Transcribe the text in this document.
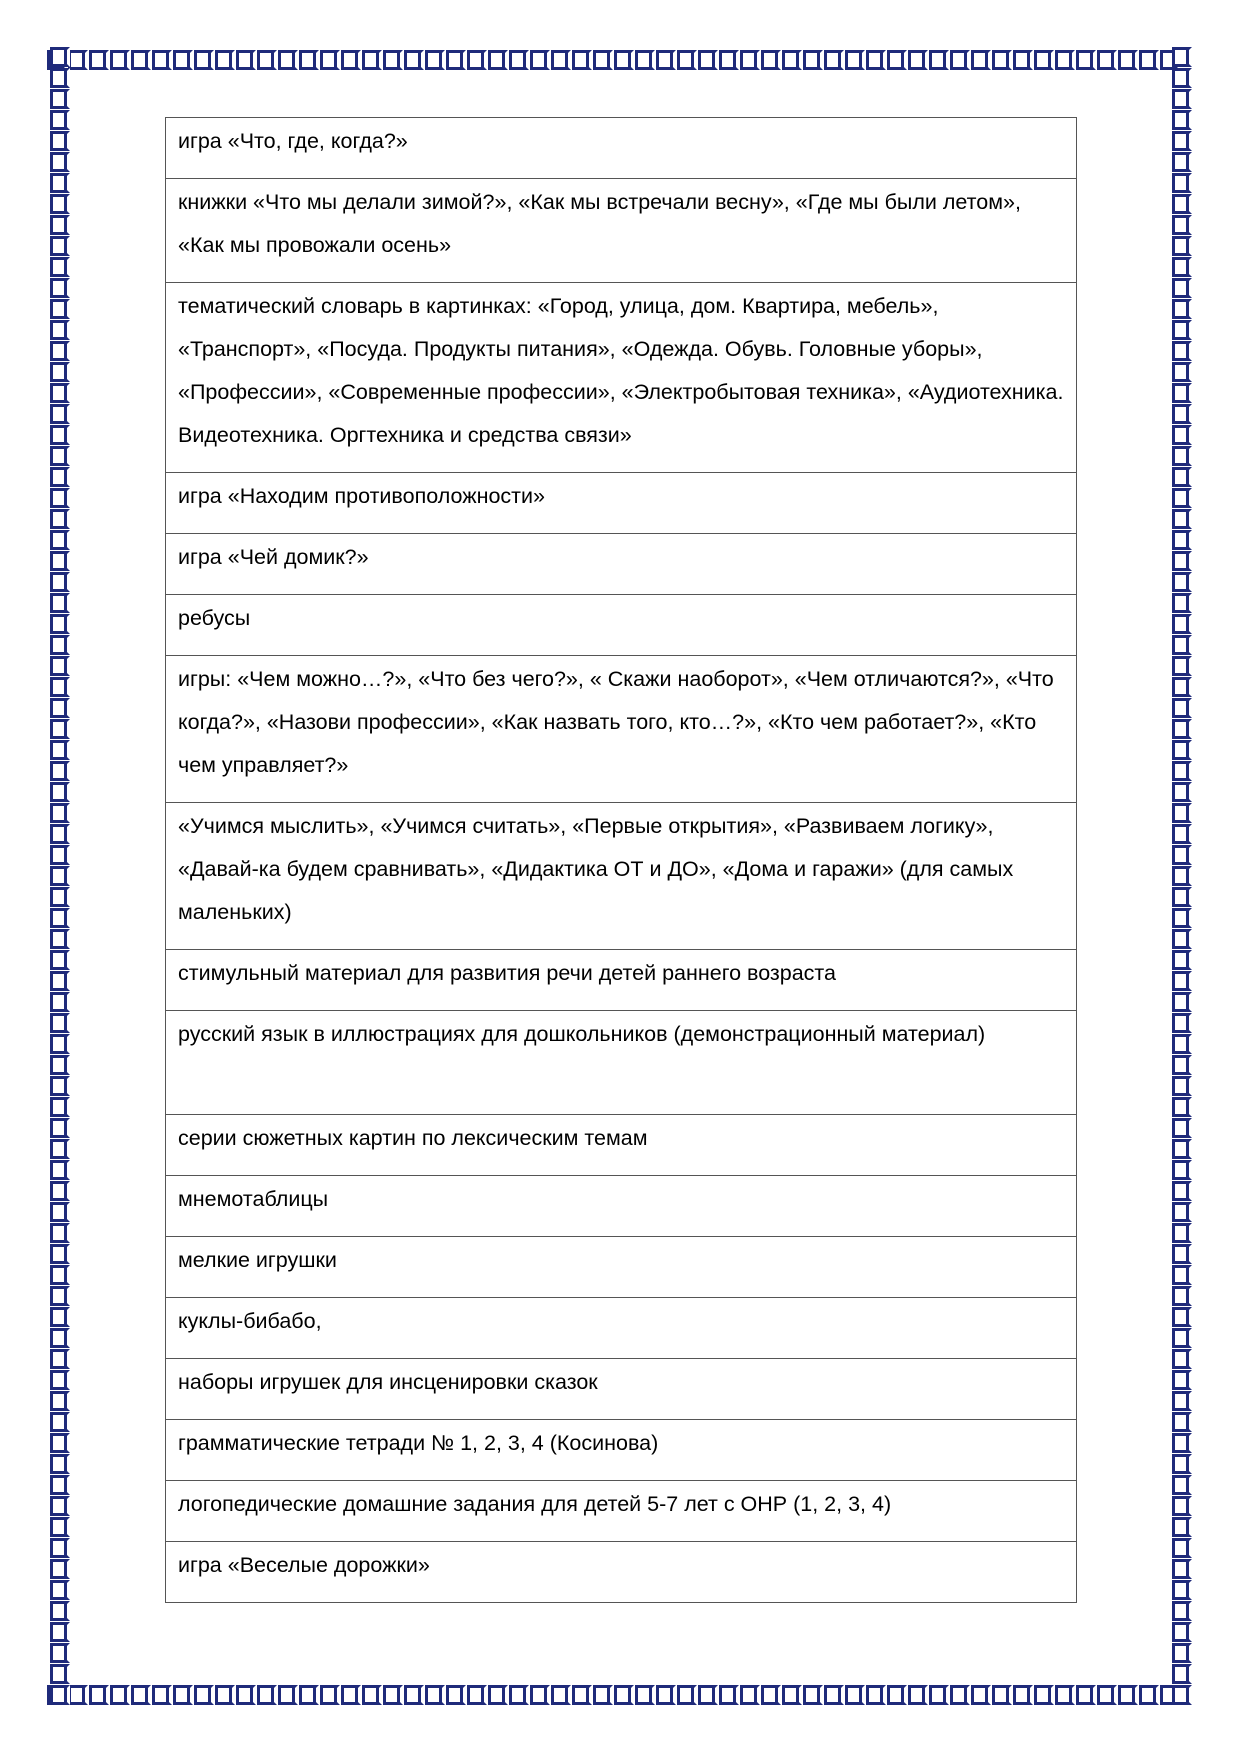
игра «Что, где, когда?»
книжки «Что мы делали зимой?», «Как мы встречали весну», «Где мы были летом», «Как мы провожали осень»
тематический словарь в картинках: «Город, улица, дом. Квартира, мебель», «Транспорт», «Посуда. Продукты питания», «Одежда. Обувь. Головные уборы», «Профессии», «Современные профессии», «Электробытовая техника», «Аудиотехника. Видеотехника. Оргтехника и средства связи»
игра «Находим противоположности»
игра «Чей домик?»
ребусы
игры: «Чем можно…?», «Что без чего?», « Скажи наоборот», «Чем отличаются?», «Что когда?», «Назови профессии», «Как назвать того, кто…?», «Кто чем работает?», «Кто чем управляет?»
«Учимся мыслить», «Учимся считать», «Первые открытия», «Развиваем логику», «Давай-ка будем сравнивать», «Дидактика ОТ и ДО», «Дома и гаражи» (для самых маленьких)
стимульный материал для развития речи детей раннего возраста
русский язык в иллюстрациях для дошкольников (демонстрационный материал)
серии сюжетных картин по лексическим темам
мнемотаблицы
мелкие игрушки
куклы-бибабо,
наборы игрушек для инсценировки сказок
грамматические тетради № 1, 2, 3, 4 (Косинова)
логопедические домашние задания для детей 5-7 лет с ОНР (1, 2, 3, 4)
игра «Веселые дорожки»
